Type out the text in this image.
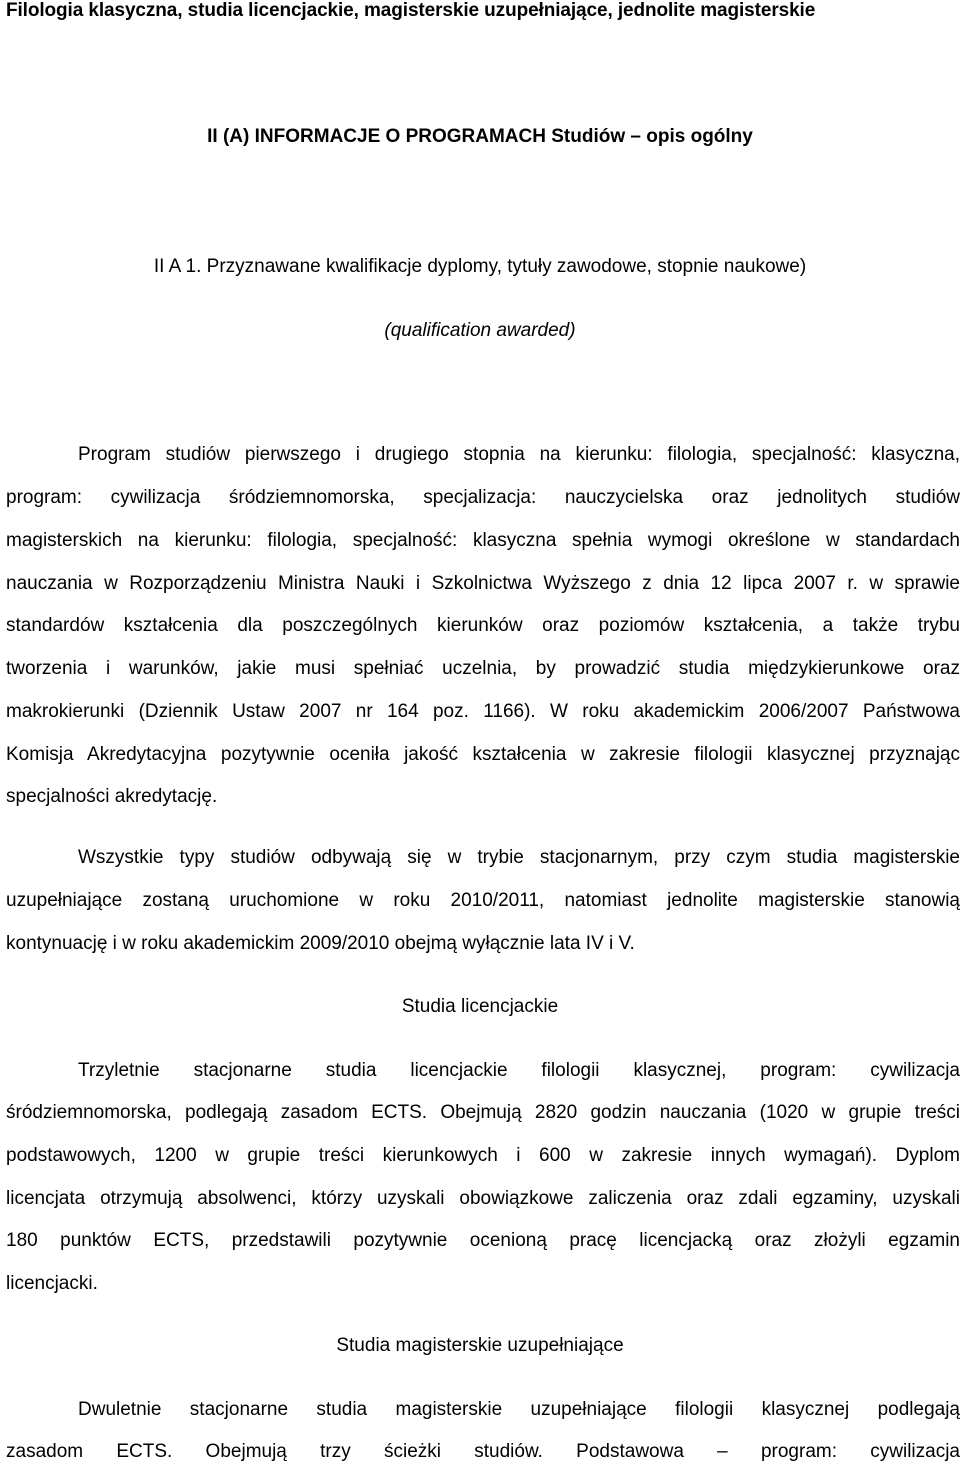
Filologia klasyczna, studia licencjackie, magisterskie uzupełniające, jednolite magisterskie
II (A) INFORMACJE O PROGRAMACH Studiów – opis ogólny
II A 1. Przyznawane kwalifikacje dyplomy, tytuły zawodowe, stopnie naukowe)
(qualification awarded)
Program studiów pierwszego i drugiego stopnia na kierunku: filologia, specjalność: klasyczna,
program: cywilizacja śródziemnomorska, specjalizacja: nauczycielska oraz jednolitych studiów
magisterskich na kierunku: filologia, specjalność: klasyczna spełnia wymogi określone w standardach
nauczania w Rozporządzeniu Ministra Nauki i Szkolnictwa Wyższego z dnia 12 lipca 2007 r. w sprawie
standardów kształcenia dla poszczególnych kierunków oraz poziomów kształcenia, a także trybu
tworzenia i warunków, jakie musi spełniać uczelnia, by prowadzić studia międzykierunkowe oraz
makrokierunki (Dziennik Ustaw 2007 nr 164 poz. 1166). W roku akademickim 2006/2007 Państwowa
Komisja Akredytacyjna pozytywnie oceniła jakość kształcenia w zakresie filologii klasycznej przyznając
specjalności akredytację.
Wszystkie typy studiów odbywają się w trybie stacjonarnym, przy czym studia magisterskie
uzupełniające zostaną uruchomione w roku 2010/2011, natomiast jednolite magisterskie stanowią
kontynuację i w roku akademickim 2009/2010 obejmą wyłącznie lata IV i V.
Studia licencjackie
Trzyletnie stacjonarne studia licencjackie filologii klasycznej, program: cywilizacja
śródziemnomorska, podlegają zasadom ECTS. Obejmują 2820 godzin nauczania (1020 w grupie treści
podstawowych, 1200 w grupie treści kierunkowych i 600 w zakresie innych wymagań). Dyplom
licencjata otrzymują absolwenci, którzy uzyskali obowiązkowe zaliczenia oraz zdali egzaminy, uzyskali
180 punktów ECTS, przedstawili pozytywnie ocenioną pracę licencjacką oraz złożyli egzamin
licencjacki.
Studia magisterskie uzupełniające
Dwuletnie stacjonarne studia magisterskie uzupełniające filologii klasycznej podlegają
zasadom ECTS. Obejmują trzy ścieżki studiów. Podstawowa – program: cywilizacja
